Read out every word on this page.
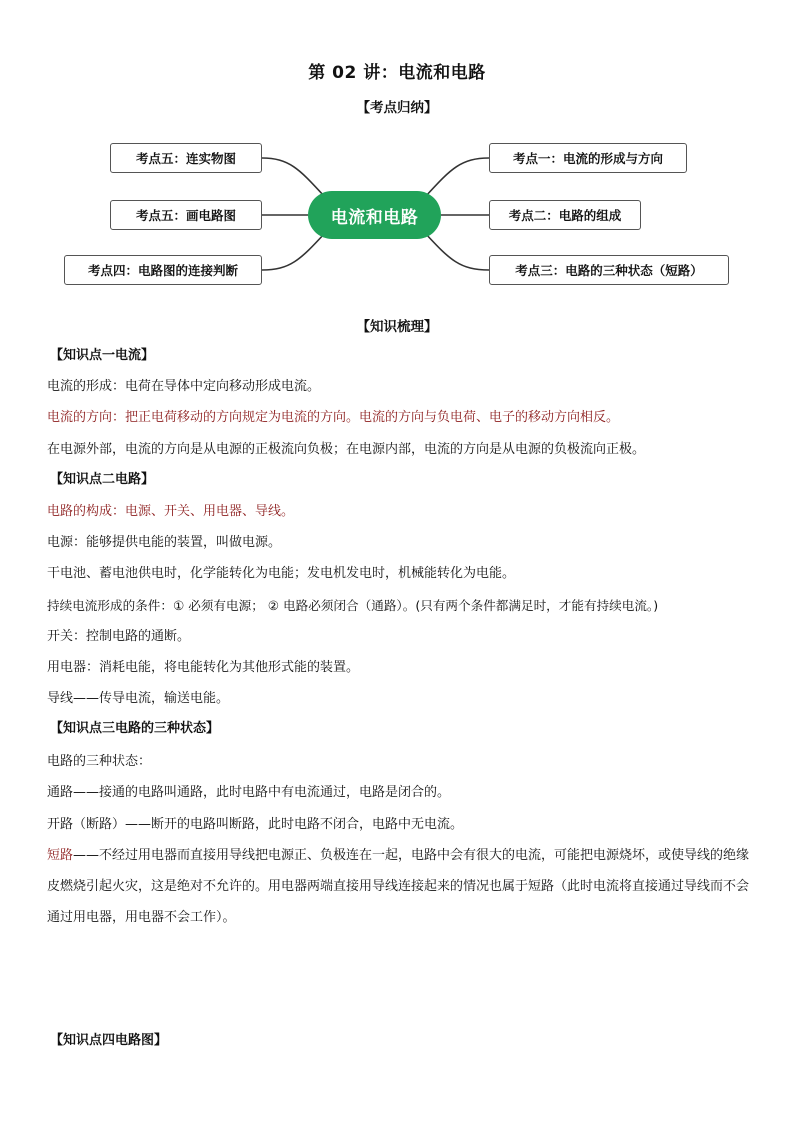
第 02 讲：电流和电路
【考点归纳】
考点五：连实物图
考点五：画电路图
考点四：电路图的连接判断
电流和电路
考点一：电流的形成与方向
考点二：电路的组成
考点三：电路的三种状态（短路）
【知识梳理】
【知识点一电流】
电流的形成：电荷在导体中定向移动形成电流。
电流的方向：把正电荷移动的方向规定为电流的方向。电流的方向与负电荷、电子的移动方向相反。
在电源外部，电流的方向是从电源的正极流向负极；在电源内部，电流的方向是从电源的负极流向正极。
【知识点二电路】
电路的构成：电源、开关、用电器、导线。
电源：能够提供电能的装置，叫做电源。
干电池、蓄电池供电时，化学能转化为电能；发电机发电时，机械能转化为电能。
持续电流形成的条件：① 必须有电源； ② 电路必须闭合（通路）。(只有两个条件都满足时，才能有持续电流。)
开关：控制电路的通断。
用电器：消耗电能，将电能转化为其他形式能的装置。
导线——传导电流，输送电能。
【知识点三电路的三种状态】
电路的三种状态：
通路——接通的电路叫通路，此时电路中有电流通过，电路是闭合的。
开路（断路）——断开的电路叫断路，此时电路不闭合，电路中无电流。
短路——不经过用电器而直接用导线把电源正、负极连在一起，电路中会有很大的电流，可能把电源烧坏，或使导线的绝缘皮燃烧引起火灾，这是绝对不允许的。用电器两端直接用导线连接起来的情况也属于短路（此时电流将直接通过导线而不会通过用电器，用电器不会工作）。
【知识点四电路图】
